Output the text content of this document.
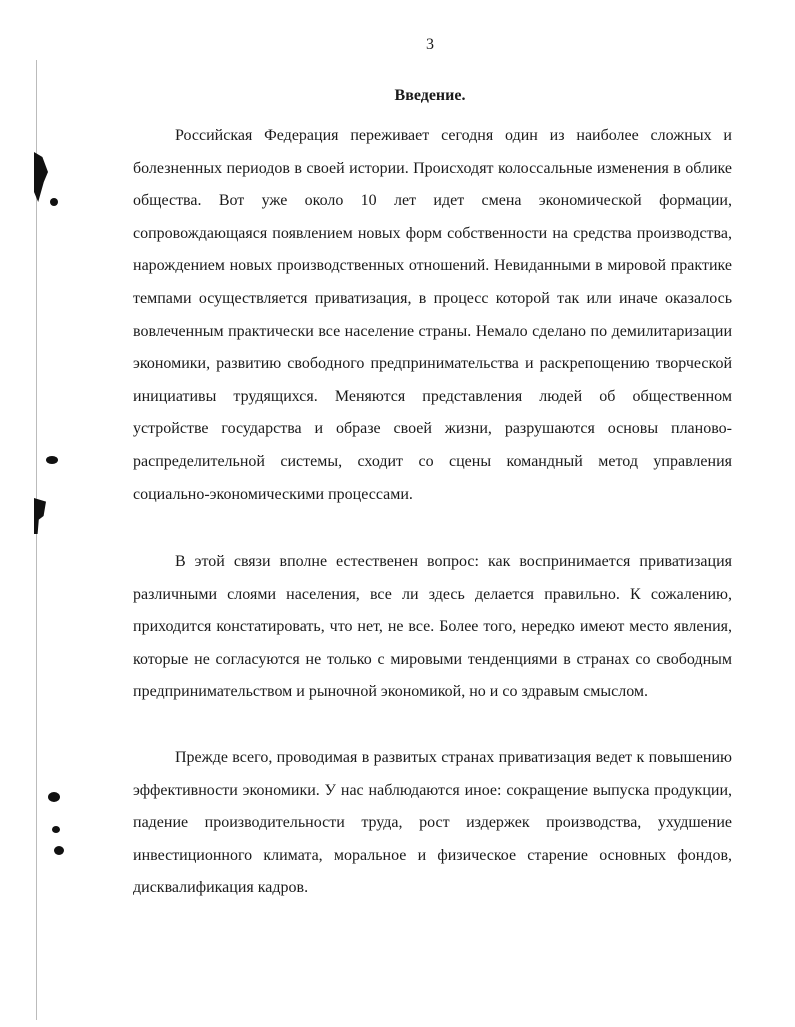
3
Введение.

Российская Федерация переживает сегодня один из наиболее сложных и болезненных периодов в своей истории. Происходят колоссальные изменения в облике общества. Вот уже около 10 лет идет смена экономической формации, сопровождающаяся появлением новых форм собственности на средства производства, нарождением новых производственных отношений. Невиданными в мировой практике темпами осуществляется приватизация, в процесс которой так или иначе оказалось вовлеченным практически все население страны. Немало сделано по демилитаризации экономики, развитию свободного предпринимательства и раскрепощению творческой инициативы трудящихся. Меняются представления людей об общественном устройстве государства и образе своей жизни, разрушаются основы планово-распределительной системы, сходит со сцены командный метод управления социально-экономическими процессами.

В этой связи вполне естественен вопрос: как воспринимается приватизация различными слоями населения, все ли здесь делается правильно. К сожалению, приходится констатировать, что нет, не все. Более того, нередко имеют место явления, которые не согласуются не только с мировыми тенденциями в странах со свободным предпринимательством и рыночной экономикой, но и со здравым смыслом.

Прежде всего, проводимая в развитых странах приватизация ведет к повышению эффективности экономики. У нас наблюдаются иное: сокращение выпуска продукции, падение производительности труда, рост издержек производства, ухудшение инвестиционного климата, моральное и физическое старение основных фондов, дисквалификация кадров.
